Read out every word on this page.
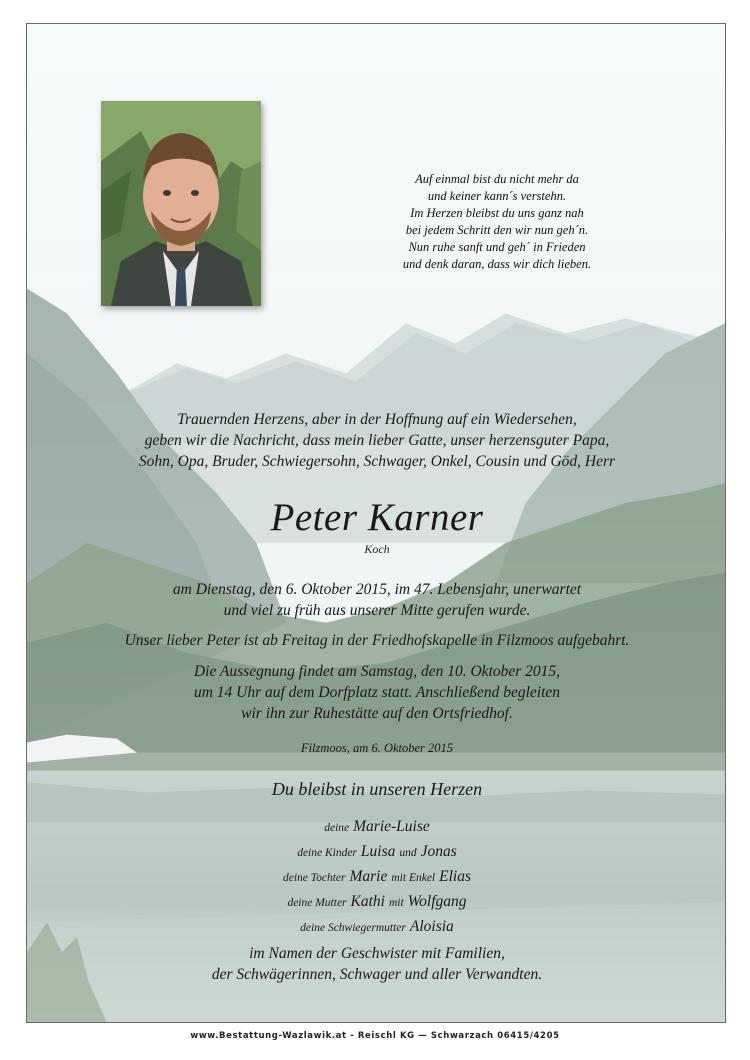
Auf einmal bist du nicht mehr da
und keiner kann´s verstehn.
Im Herzen bleibst du uns ganz nah
bei jedem Schritt den wir nun geh´n.
Nun ruhe sanft und geh´ in Frieden
und denk daran, dass wir dich lieben.
Trauernden Herzens, aber in der Hoffnung auf ein Wiedersehen,
geben wir die Nachricht, dass mein lieber Gatte, unser herzensguter Papa,
Sohn, Opa, Bruder, Schwiegersohn, Schwager, Onkel, Cousin und Göd, Herr
Peter Karner
Koch
am Dienstag, den 6. Oktober 2015, im 47. Lebensjahr, unerwartet
und viel zu früh aus unserer Mitte gerufen wurde.
Unser lieber Peter ist ab Freitag in der Friedhofskapelle in Filzmoos aufgebahrt.
Die Aussegnung findet am Samstag, den 10. Oktober 2015,
um 14 Uhr auf dem Dorfplatz statt. Anschließend begleiten
wir ihn zur Ruhestätte auf den Ortsfriedhof.
Filzmoos, am 6. Oktober 2015
Du bleibst in unseren Herzen
deine Marie-Luise
deine Kinder Luisa und Jonas
deine Tochter Marie mit Enkel Elias
deine Mutter Kathi mit Wolfgang
deine Schwiegermutter Aloisia
im Namen der Geschwister mit Familien,
der Schwägerinnen, Schwager und aller Verwandten.
www.Bestattung-Wazlawik.at - Reischl KG — Schwarzach 06415/4205
